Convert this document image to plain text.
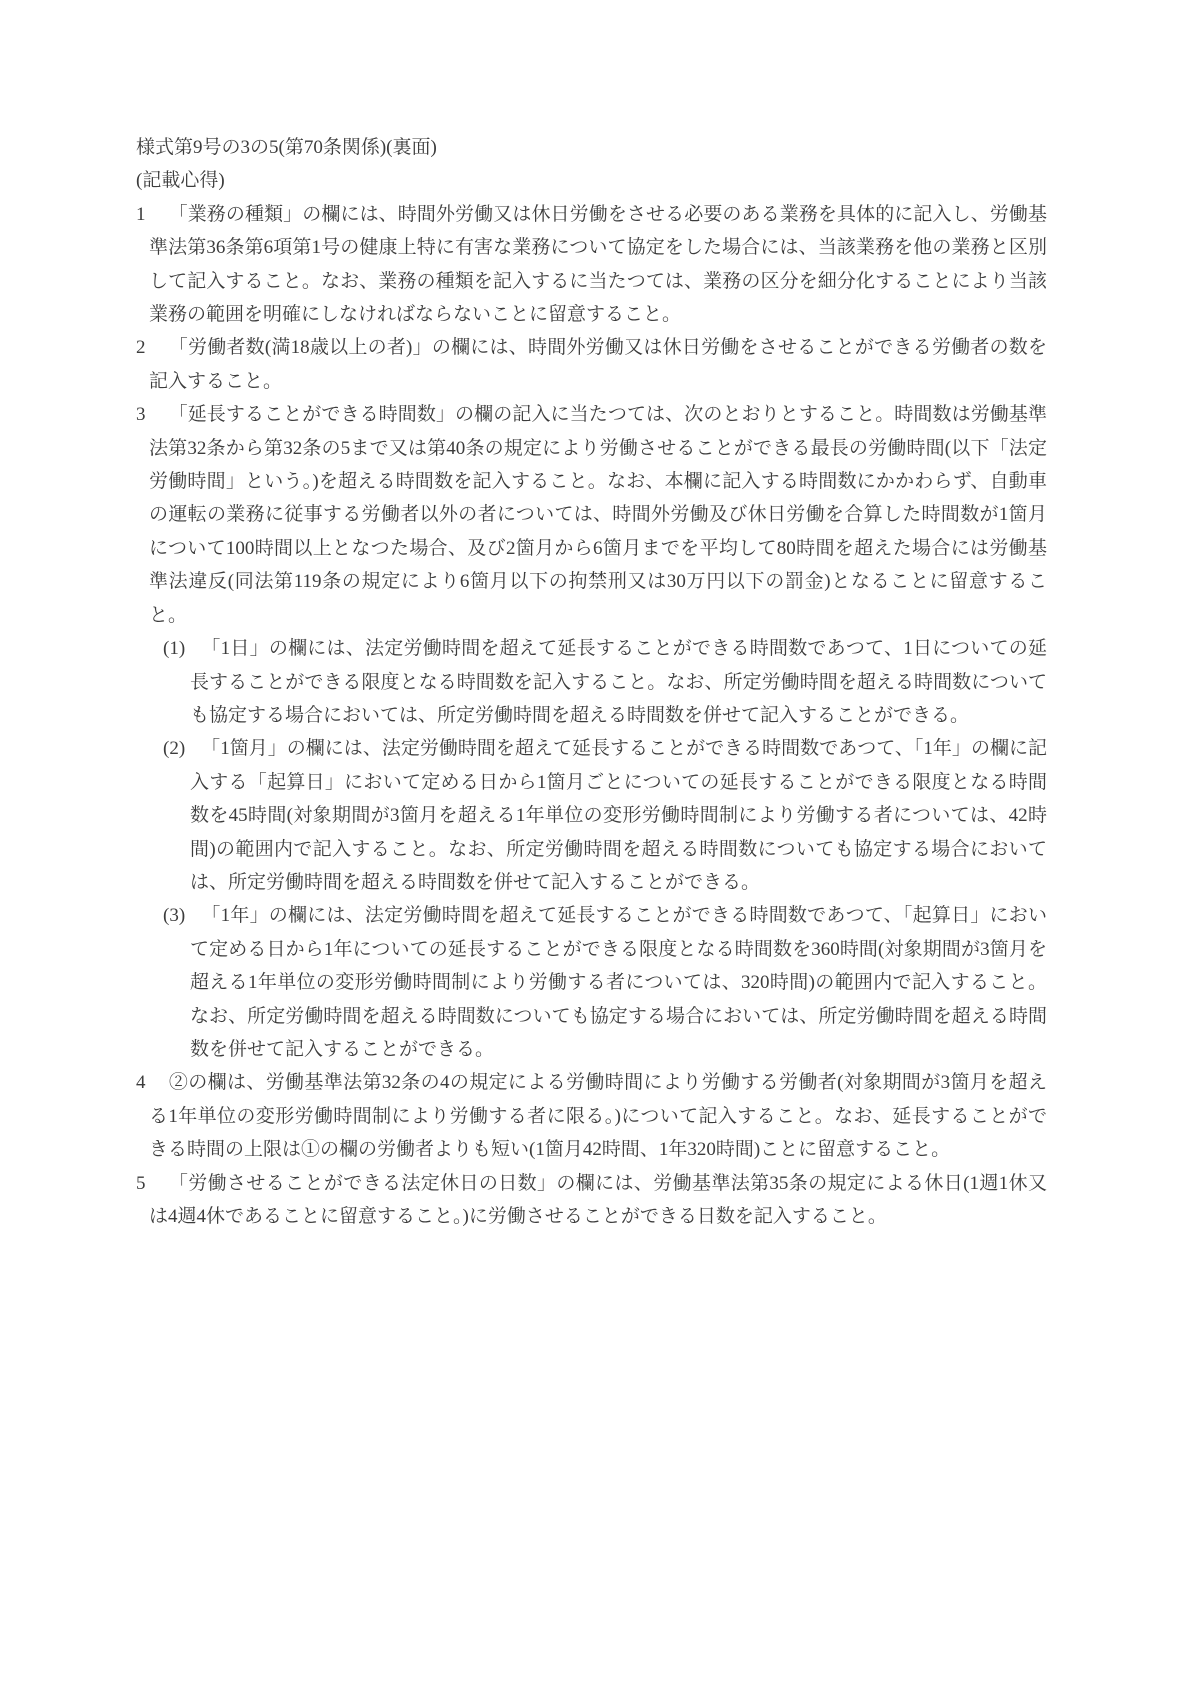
様式第9号の3の5(第70条関係)(裏面)

(記載心得)

1 「業務の種類」の欄には、時間外労働又は休日労働をさせる必要のある業務を具体的に記入し、労働基準法第36条第6項第1号の健康上特に有害な業務について協定をした場合には、当該業務を他の業務と区別して記入すること。なお、業務の種類を記入するに当たつては、業務の区分を細分化することにより当該業務の範囲を明確にしなければならないことに留意すること。

2 「労働者数(満18歳以上の者)」の欄には、時間外労働又は休日労働をさせることができる労働者の数を記入すること。

3 「延長することができる時間数」の欄の記入に当たつては、次のとおりとすること。時間数は労働基準法第32条から第32条の5まで又は第40条の規定により労働させることができる最長の労働時間(以下「法定労働時間」という。)を超える時間数を記入すること。なお、本欄に記入する時間数にかかわらず、自動車の運転の業務に従事する労働者以外の者については、時間外労働及び休日労働を合算した時間数が1箇月について100時間以上となつた場合、及び2箇月から6箇月までを平均して80時間を超えた場合には労働基準法違反(同法第119条の規定により6箇月以下の拘禁刑又は30万円以下の罰金)となることに留意すること。

(1) 「1日」の欄には、法定労働時間を超えて延長することができる時間数であつて、1日についての延長することができる限度となる時間数を記入すること。なお、所定労働時間を超える時間数についても協定する場合においては、所定労働時間を超える時間数を併せて記入することができる。

(2) 「1箇月」の欄には、法定労働時間を超えて延長することができる時間数であつて、「1年」の欄に記入する「起算日」において定める日から1箇月ごとについての延長することができる限度となる時間数を45時間(対象期間が3箇月を超える1年単位の変形労働時間制により労働する者については、42時間)の範囲内で記入すること。なお、所定労働時間を超える時間数についても協定する場合においては、所定労働時間を超える時間数を併せて記入することができる。

(3) 「1年」の欄には、法定労働時間を超えて延長することができる時間数であつて、「起算日」において定める日から1年についての延長することができる限度となる時間数を360時間(対象期間が3箇月を超える1年単位の変形労働時間制により労働する者については、320時間)の範囲内で記入すること。なお、所定労働時間を超える時間数についても協定する場合においては、所定労働時間を超える時間数を併せて記入することができる。

4 ②の欄は、労働基準法第32条の4の規定による労働時間により労働する労働者(対象期間が3箇月を超える1年単位の変形労働時間制により労働する者に限る。)について記入すること。なお、延長することができる時間の上限は①の欄の労働者よりも短い(1箇月42時間、1年320時間)ことに留意すること。

5 「労働させることができる法定休日の日数」の欄には、労働基準法第35条の規定による休日(1週1休又は4週4休であることに留意すること。)に労働させることができる日数を記入すること。
